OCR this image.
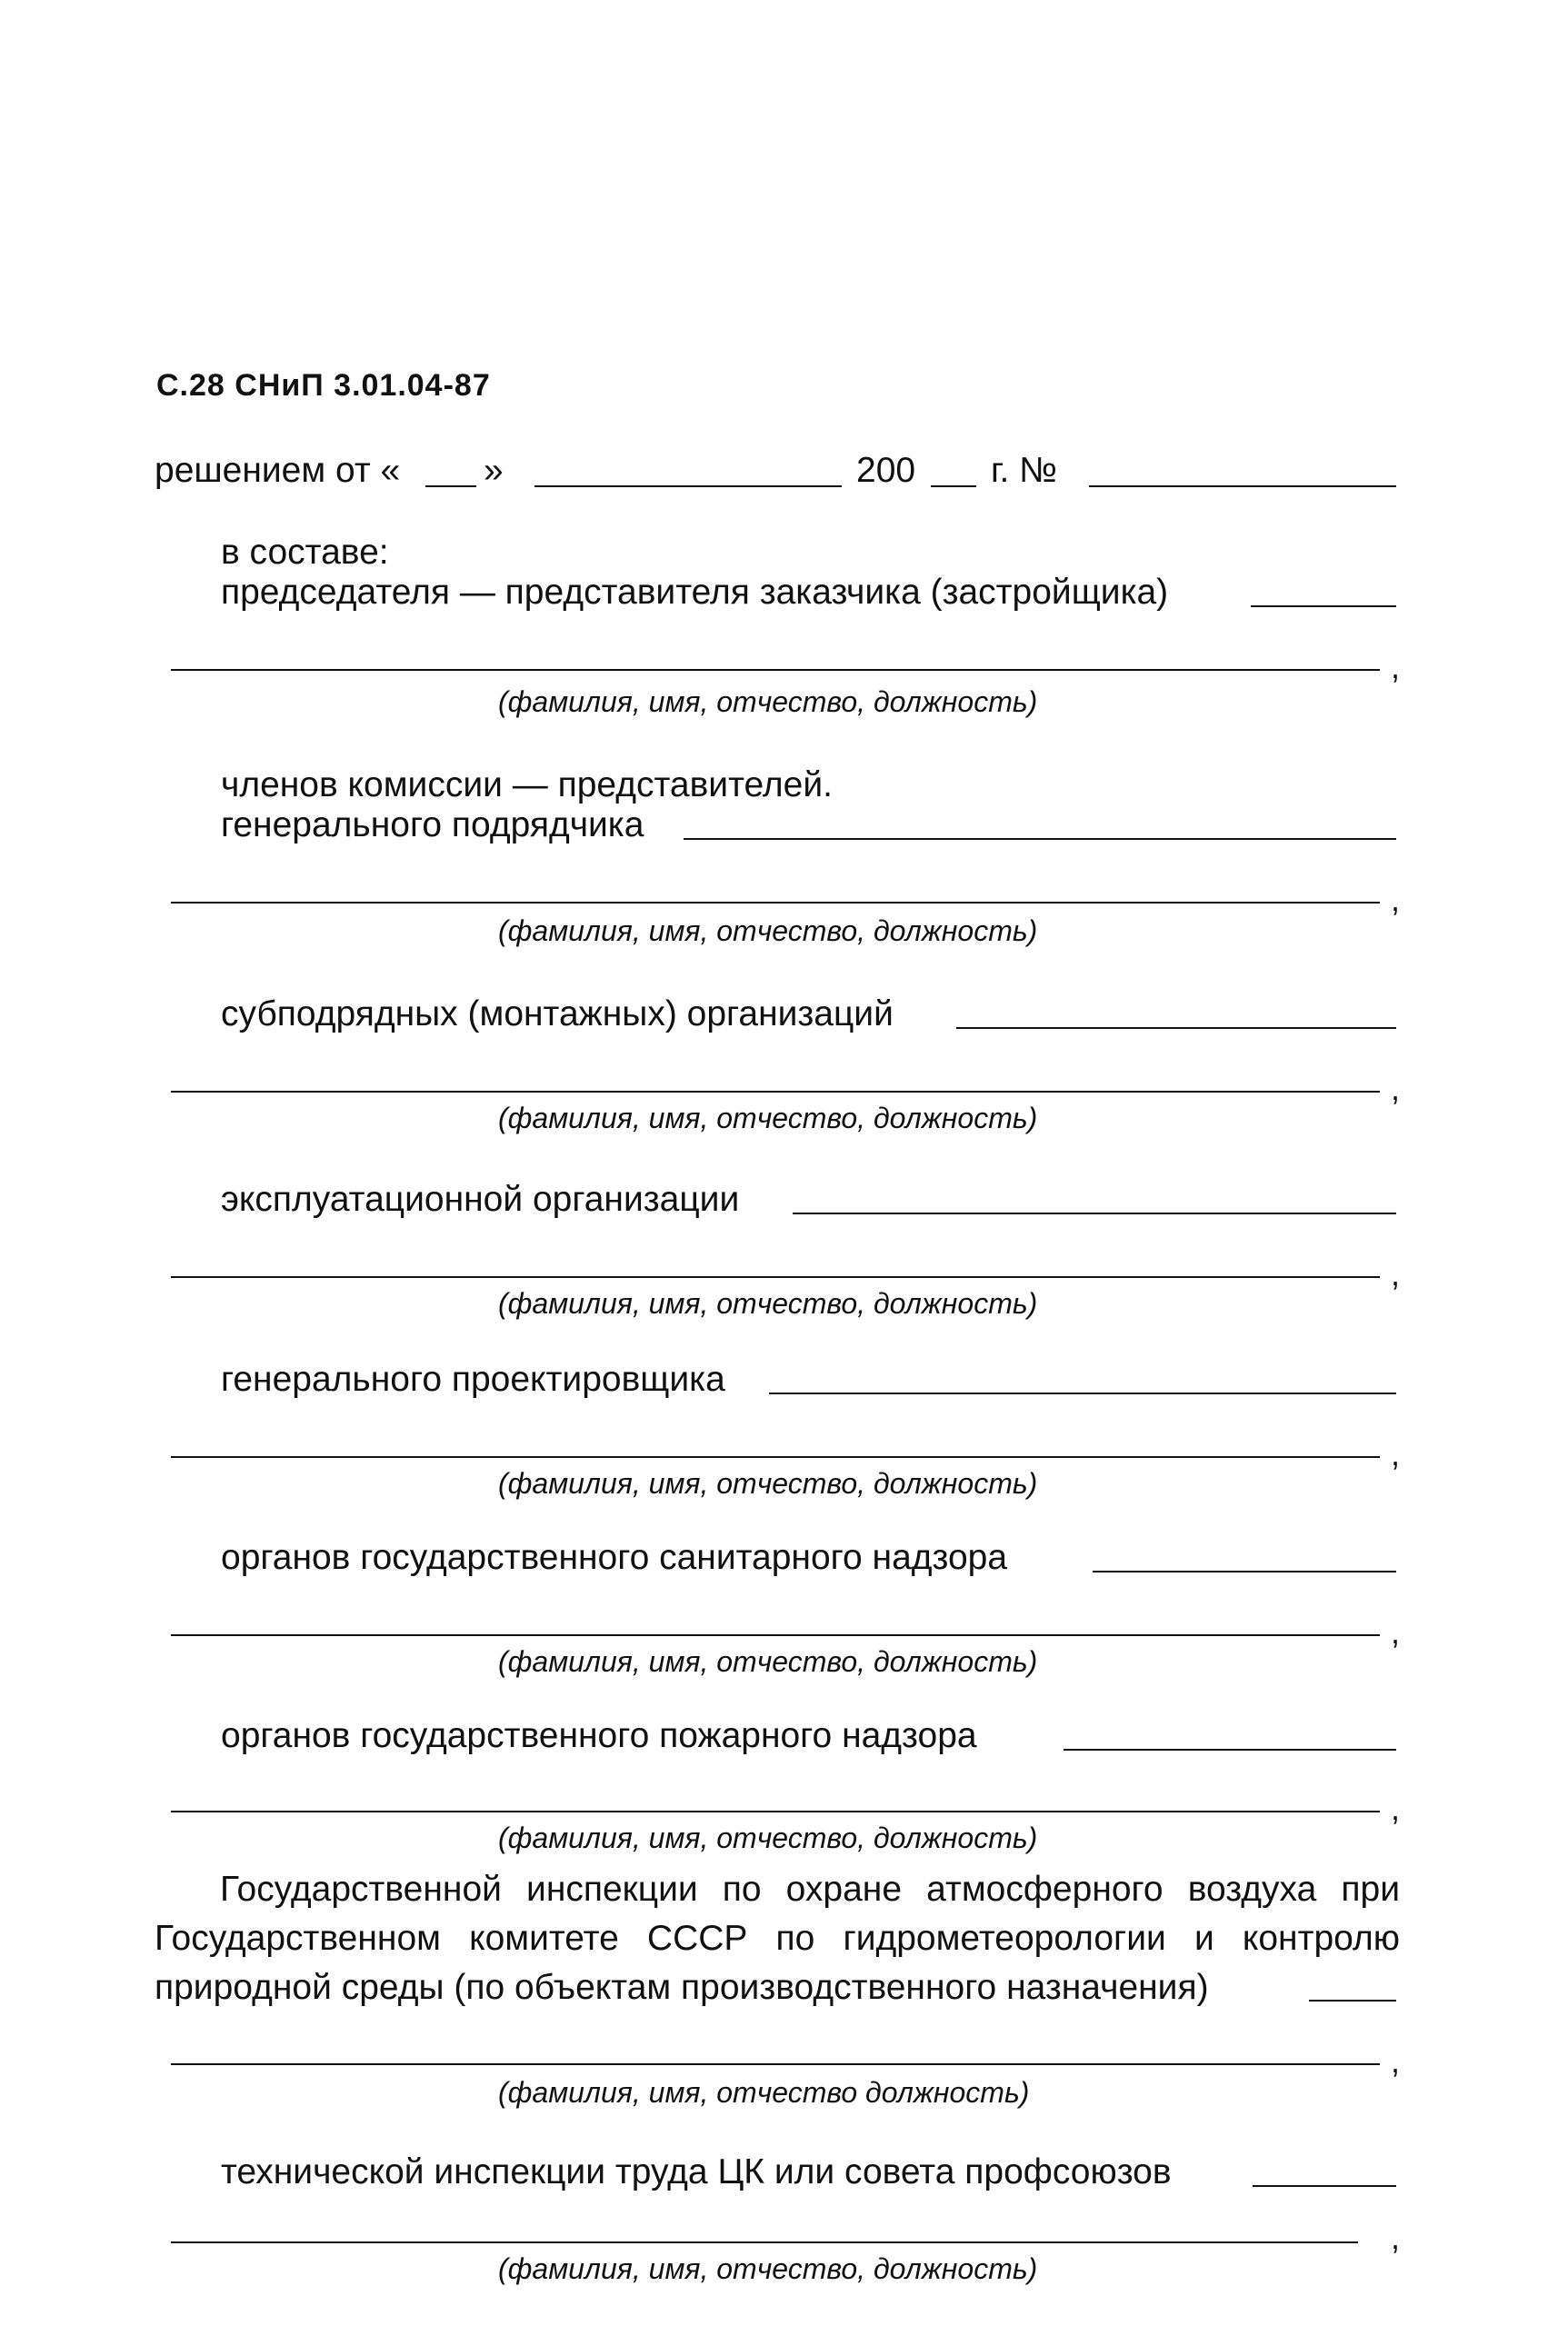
С.28 СНиП 3.01.04-87
решением от « »	200 г. №
в составе:
председателя — представителя заказчика (застройщика)
,
(фамилия, имя, отчество, должность)
членов комиссии — представителей.
генерального подрядчика
,
(фамилия, имя, отчество, должность)
субподрядных (монтажных) организаций
,
(фамилия, имя, отчество, должность)
эксплуатационной организации
,
(фамилия, имя, отчество, должность)
генерального проектировщика
,
(фамилия, имя, отчество, должность)
органов государственного санитарного надзора
,
(фамилия, имя, отчество, должность)
органов государственного пожарного надзора
,
(фамилия, имя, отчество, должность)
Государственной инспекции по охране атмосферного воздуха при
Государственном комитете СССР по гидрометеорологии и контролю
природной среды (по объектам производственного назначения)
,
(фамилия, имя, отчество должность)
технической инспекции труда ЦК или совета профсоюзов
,
(фамилия, имя, отчество, должность)
